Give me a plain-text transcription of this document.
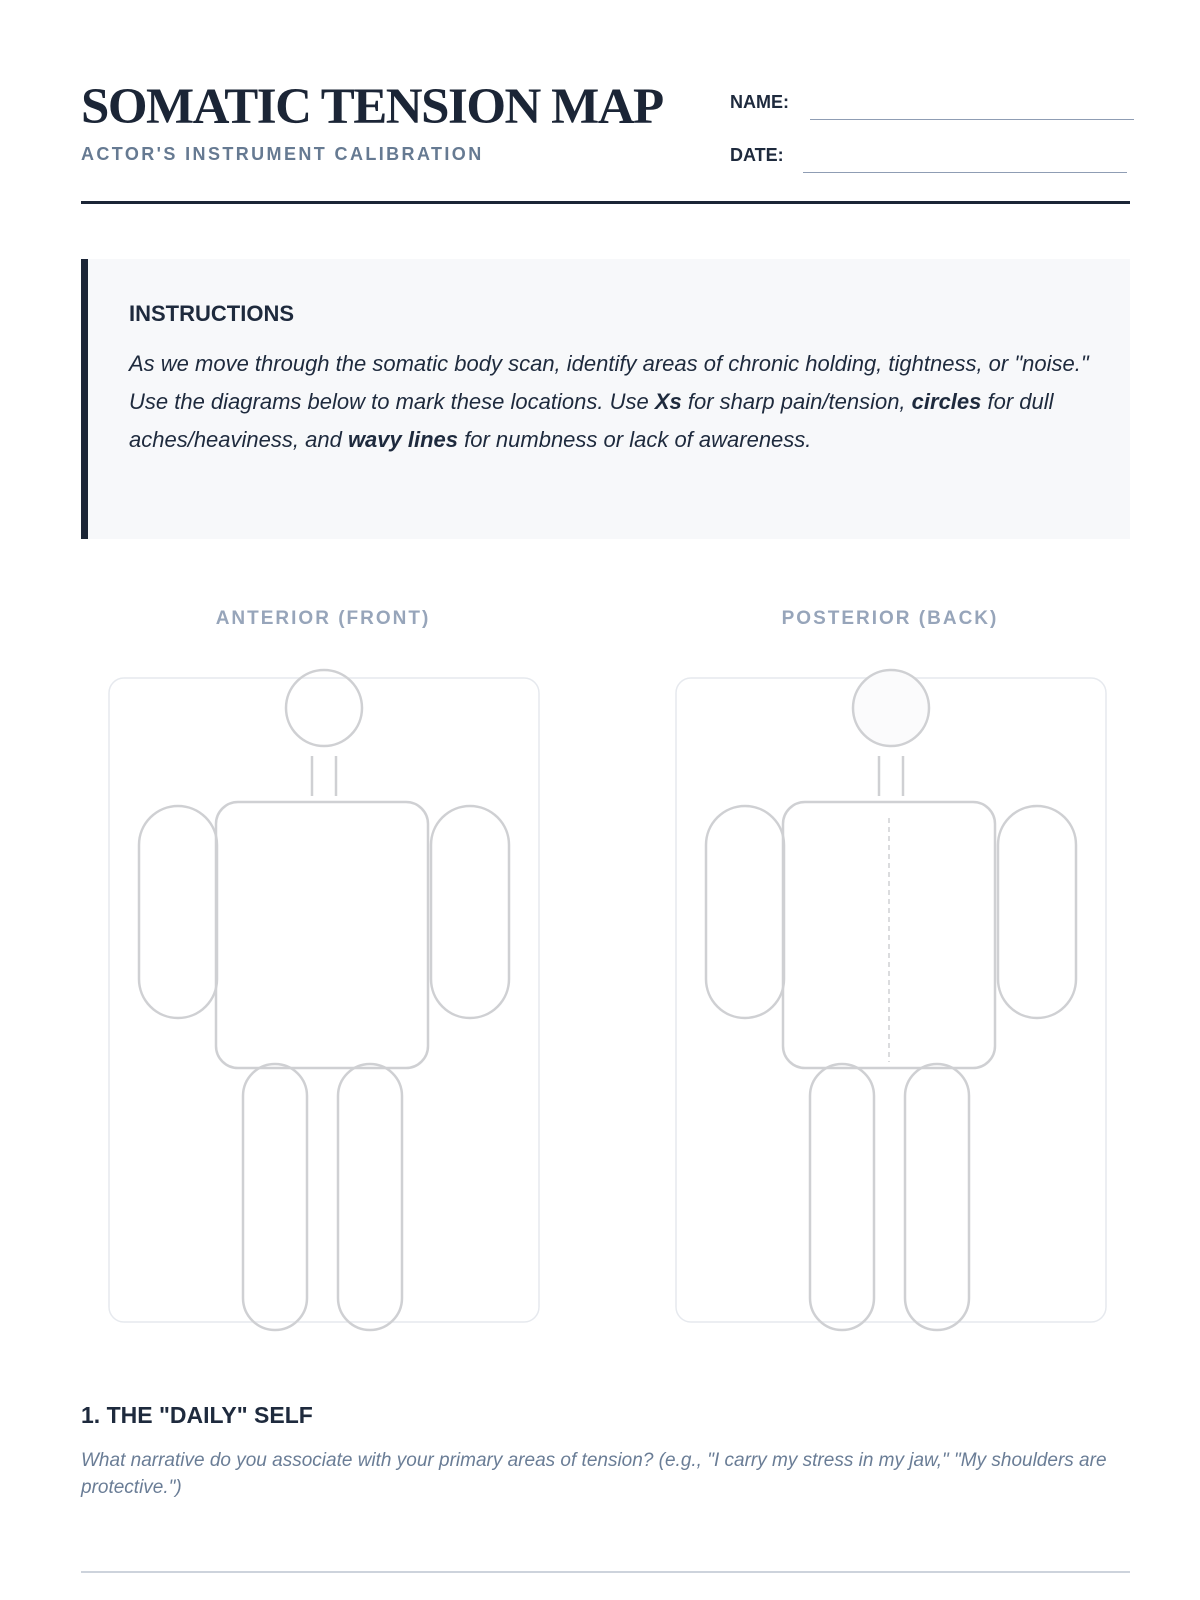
SOMATIC TENSION MAP
ACTOR'S INSTRUMENT CALIBRATION
NAME:
DATE:
INSTRUCTIONS

As we move through the somatic body scan, identify areas of chronic holding, tightness, or "noise." Use the diagrams below to mark these locations. Use Xs for sharp pain/tension, circles for dull aches/heaviness, and wavy lines for numbness or lack of awareness.

ANTERIOR (FRONT)	POSTERIOR (BACK)
1. THE "DAILY" SELF

What narrative do you associate with your primary areas of tension? (e.g., "I carry my stress in my jaw," "My shoulders are protective.")
